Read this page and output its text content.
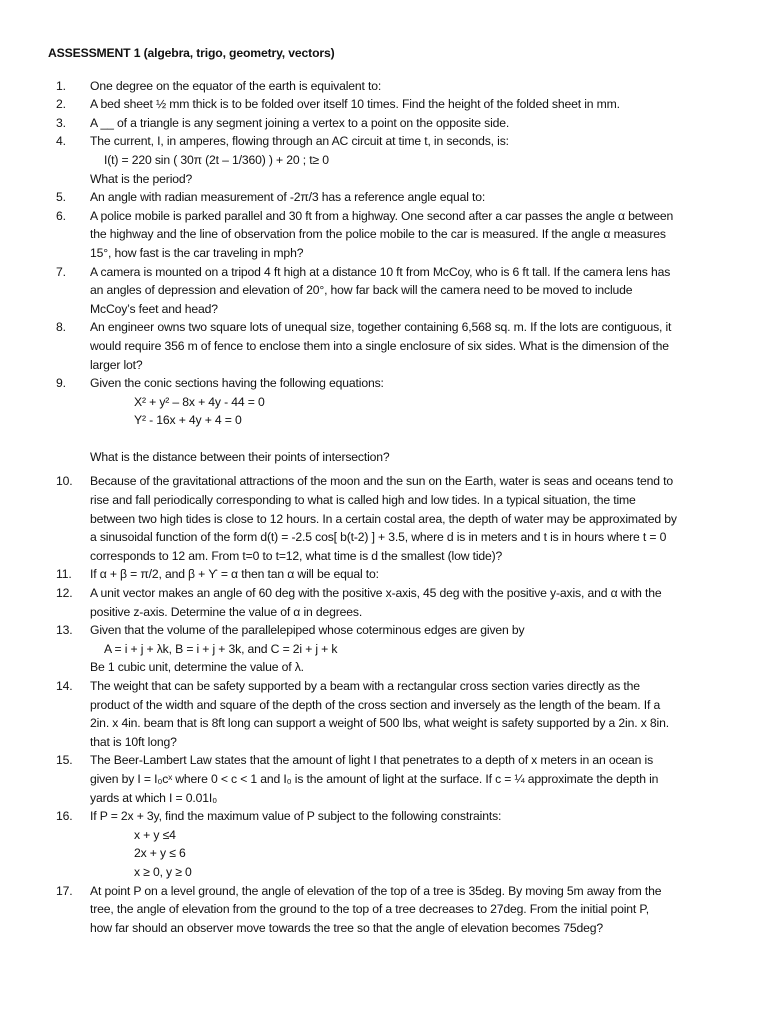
ASSESSMENT 1 (algebra, trigo, geometry, vectors)
1.	One degree on the equator of the earth is equivalent to:
2.	A bed sheet ½ mm thick is to be folded over itself 10 times. Find the height of the folded sheet in mm.
3.	A __ of a triangle is any segment joining a vertex to a point on the opposite side.
4.	The current, I, in amperes, flowing through an AC circuit at time t, in seconds, is:
I(t) = 220 sin ( 30π (2t – 1/360) ) + 20 ; t≥ 0
What is the period?
5.	An angle with radian measurement of -2π/3 has a reference angle equal to:
6.	A police mobile is parked parallel and 30 ft from a highway. One second after a car passes the angle α between
the highway and the line of observation from the police mobile to the car is measured. If the angle α measures
15°, how fast is the car traveling in mph?
7.	A camera is mounted on a tripod 4 ft high at a distance 10 ft from McCoy, who is 6 ft tall. If the camera lens has
an angles of depression and elevation of 20°, how far back will the camera need to be moved to include
McCoy’s feet and head?
8.	An engineer owns two square lots of unequal size, together containing 6,568 sq. m. If the lots are contiguous, it
would require 356 m of fence to enclose them into a single enclosure of six sides. What is the dimension of the
larger lot?
9.	Given the conic sections having the following equations:
X² + y² – 8x + 4y - 44 = 0
Y² - 16x + 4y + 4 = 0
What is the distance between their points of intersection?
10.	Because of the gravitational attractions of the moon and the sun on the Earth, water is seas and oceans tend to
rise and fall periodically corresponding to what is called high and low tides. In a typical situation, the time
between two high tides is close to 12 hours. In a certain costal area, the depth of water may be approximated by
a sinusoidal function of the form d(t) = -2.5 cos[ b(t-2) ] + 3.5, where d is in meters and t is in hours where t = 0
corresponds to 12 am. From t=0 to t=12, what time is d the smallest (low tide)?
11.	If α + β = π/2, and β + Ƴ = α then tan α will be equal to:
12.	A unit vector makes an angle of 60 deg with the positive x-axis, 45 deg with the positive y-axis, and α with the
positive z-axis. Determine the value of α in degrees.
13.	Given that the volume of the parallelepiped whose coterminous edges are given by
A = i + j + λk, B = i + j + 3k, and C = 2i + j + k
Be 1 cubic unit, determine the value of λ.
14.	The weight that can be safety supported by a beam with a rectangular cross section varies directly as the
product of the width and square of the depth of the cross section and inversely as the length of the beam. If a
2in. x 4in. beam that is 8ft long can support a weight of 500 lbs, what weight is safety supported by a 2in. x 8in.
that is 10ft long?
15.	The Beer-Lambert Law states that the amount of light I that penetrates to a depth of x meters in an ocean is
given by I = I₀cˣ where 0 < c < 1 and I₀ is the amount of light at the surface. If c = ¼ approximate the depth in
yards at which I = 0.01I₀
16.	If P = 2x + 3y, find the maximum value of P subject to the following constraints:
x + y ≤4
2x + y ≤ 6
x ≥ 0, y ≥ 0
17.	At point P on a level ground, the angle of elevation of the top of a tree is 35deg. By moving 5m away from the
tree, the angle of elevation from the ground to the top of a tree decreases to 27deg. From the initial point P,
how far should an observer move towards the tree so that the angle of elevation becomes 75deg?
